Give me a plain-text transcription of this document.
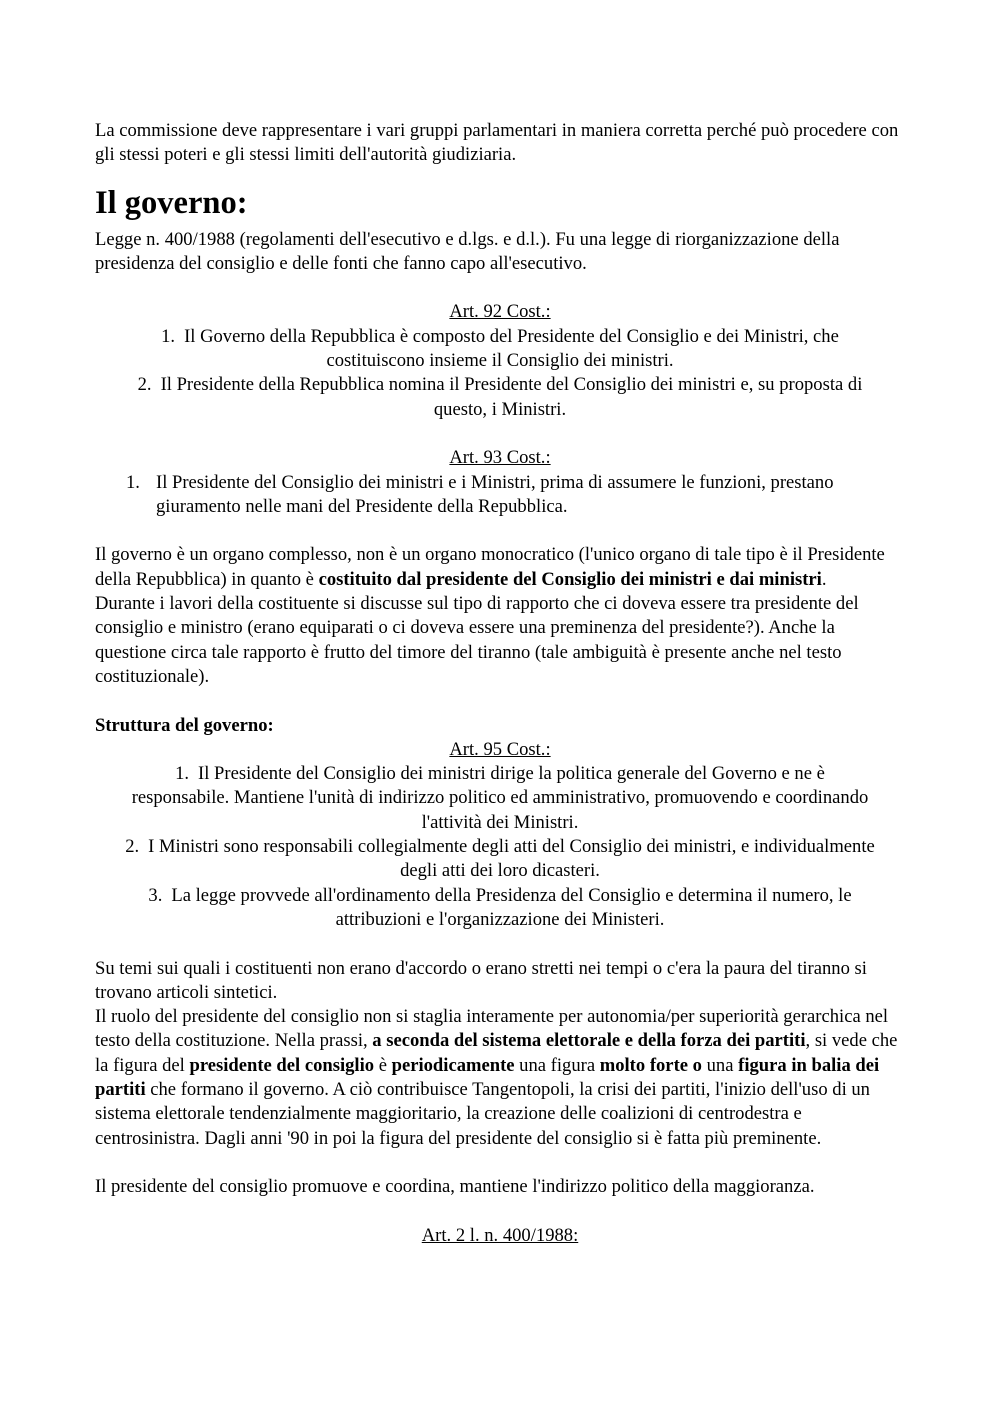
La commissione deve rappresentare i vari gruppi parlamentari in maniera corretta perché può procedere con gli stessi poteri e gli stessi limiti dell'autorità giudiziaria.

Il governo:

Legge n. 400/1988 (regolamenti dell'esecutivo e d.lgs. e d.l.). Fu una legge di riorganizzazione della presidenza del consiglio e delle fonti che fanno capo all'esecutivo.

Art. 92 Cost.:

1. Il Governo della Repubblica è composto del Presidente del Consiglio e dei Ministri, che costituiscono insieme il Consiglio dei ministri.
2. Il Presidente della Repubblica nomina il Presidente del Consiglio dei ministri e, su proposta di questo, i Ministri.

Art. 93 Cost.:

1. Il Presidente del Consiglio dei ministri e i Ministri, prima di assumere le funzioni, prestano giuramento nelle mani del Presidente della Repubblica.

Il governo è un organo complesso, non è un organo monocratico (l'unico organo di tale tipo è il Presidente della Repubblica) in quanto è costituito dal presidente del Consiglio dei ministri e dai ministri.

Durante i lavori della costituente si discusse sul tipo di rapporto che ci doveva essere tra presidente del consiglio e ministro (erano equiparati o ci doveva essere una preminenza del presidente?). Anche la questione circa tale rapporto è frutto del timore del tiranno (tale ambiguità è presente anche nel testo costituzionale).

Struttura del governo:

Art. 95 Cost.:

1. Il Presidente del Consiglio dei ministri dirige la politica generale del Governo e ne è responsabile. Mantiene l'unità di indirizzo politico ed amministrativo, promuovendo e coordinando l'attività dei Ministri.
2. I Ministri sono responsabili collegialmente degli atti del Consiglio dei ministri, e individualmente degli atti dei loro dicasteri.
3. La legge provvede all'ordinamento della Presidenza del Consiglio e determina il numero, le attribuzioni e l'organizzazione dei Ministeri.

Su temi sui quali i costituenti non erano d'accordo o erano stretti nei tempi o c'era la paura del tiranno si trovano articoli sintetici.

Il ruolo del presidente del consiglio non si staglia interamente per autonomia/per superiorità gerarchica nel testo della costituzione. Nella prassi, a seconda del sistema elettorale e della forza dei partiti, si vede che la figura del presidente del consiglio è periodicamente una figura molto forte o una figura in balia dei partiti che formano il governo. A ciò contribuisce Tangentopoli, la crisi dei partiti, l'inizio dell'uso di un sistema elettorale tendenzialmente maggioritario, la creazione delle coalizioni di centrodestra e centrosinistra. Dagli anni '90 in poi la figura del presidente del consiglio si è fatta più preminente.

Il presidente del consiglio promuove e coordina, mantiene l'indirizzo politico della maggioranza.

Art. 2 l. n. 400/1988:
